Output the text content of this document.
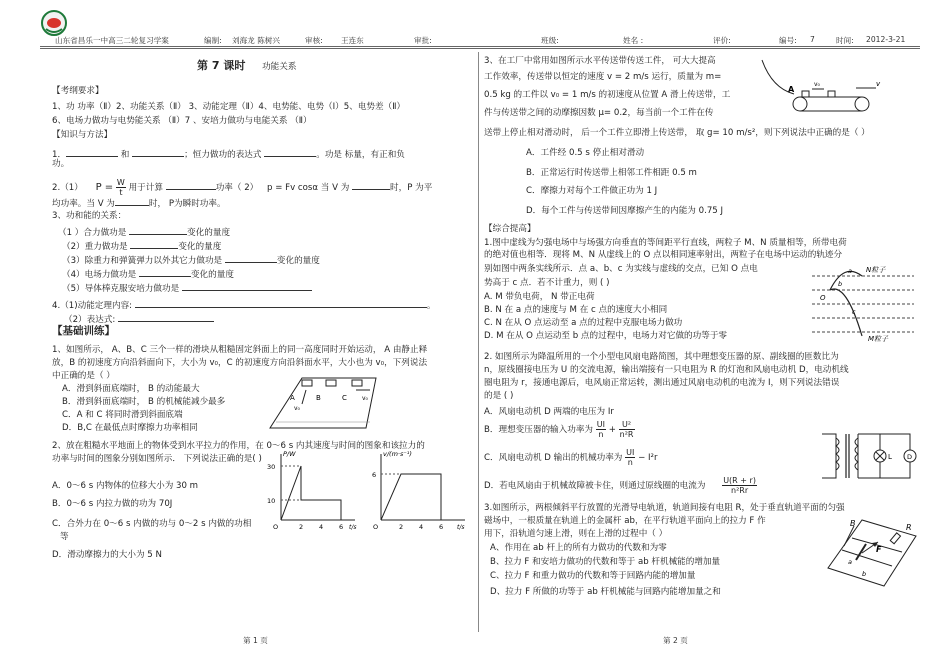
山东省昌乐一中高三二轮复习学案	编制: 刘海龙 陈树兴	审核: 王连东	审批:	班级:	姓名 :	评价:	编号: 7	时间: 2012-3-21
第 7 课时 功能关系
【考纲要求】
1、功 功率（Ⅱ）2、功能关系（Ⅱ） 3、动能定理（Ⅱ）4、电势能、电势（Ⅰ）5、电势差（Ⅱ）
6、电场力做功与电势能关系 （Ⅱ）7 、安培力做功与电能关系 （Ⅱ）
【知识与方法】
1．	和	；恒力做功的表达式	。功是 标量，有正和负
功。
2.（1） $P = \frac{W}{t}$ 用于计算	功率（ 2） p = Fv cosα 当 V 为	时，P 为平
均功率。当 V 为	时， P为瞬时功率。
3、功和能的关系：
（1 ）合力做功是	变化的量度
（2）重力做功是	变化的量度
（3）除重力和弹簧弹力以外其它力做功是	变化的量度
（4）电场力做功是	变化的量度
（5）导体棒克服安培力做功是
4.（1)动能定理内容:	。
（2）表达式:
【基础训练】
1、如图所示， A、B、C 三个一样的滑块从粗糙固定斜面上的同一高度同时开始运动， A 由静止释
放，B 的初速度方向沿斜面向下，大小为 v₀，C 的初速度方向沿斜面水平，大小也为 v₀，下列说法
中正确的是（ ）
A．滑到斜面底端时， B 的动能最大
B．滑到斜面底端时， B 的机械能减少最多
C．A 和 C 将同时滑到斜面底端
D．B,C 在最低点时摩擦力功率相同
2、放在粗糙水平地面上的物体受到水平拉力的作用，在 0～6 s 内其速度与时间的图象和该拉力的
功率与时间的图象分别如图所示． 下列说法正确的是( )
A．0～6 s 内物体的位移大小为 30 m
B．0～6 s 内拉力做的功为 70J
C．合外力在 0～6 s 内做的功与 0～2 s 内做的功相
等
D．滑动摩擦力的大小为 5 N
A	B	C
v₀
v₀
P/W
t/s
30
10
O	2 4 6
v/(m·s⁻¹)
t/s
6
O	2 4 6
3、在工厂中常用如图所示水平传送带传送工件， 可大大提高
工作效率，传送带以恒定的速度 v = 2 m/s 运行，质量为 m=
0.5 kg 的工件以 v₀ = 1 m/s 的初速度从位置 A 滑上传送带，工
件与传送带之间的动摩擦因数 μ= 0.2，每当前一个工件在传
送带上停止相对滑动时， 后一个工件立即滑上传送带， 取 g= 10 m/s²，则下列说法中正确的是（ ）
A．工件经 0.5 s 停止相对滑动
B．正常运行时传送带上相邻工件相距 0.5 m
C．摩擦力对每个工件做正功为 1 J
D．每个工件与传送带间因摩擦产生的内能为 0.75 J
【综合提高】
1.图中虚线为匀强电场中与场强方向垂直的等间距平行直线，两粒子 M、N 质量相等，所带电荷
的绝对值也相等．现将 M、N 从虚线上的 O 点以相同速率射出，两粒子在电场中运动的轨迹分
别如图中两条实线所示．点 a、b、c 为实线与虚线的交点，已知 O 点电
势高于 c 点．若不计重力，则 ( )
A. M 带负电荷， N 带正电荷
B. N 在 a 点的速度与 M 在 c 点的速度大小相同
C. N 在从 O 点运动至 a 点的过程中克服电场力做功
D. M 在从 O 点运动至 b 点的过程中，电场力对它做的功等于零
2. 如图所示为降温所用的一个小型电风扇电路简图，其中理想变压器的原、副线圈的匝数比为
n，原线圈接电压为 U 的交流电源，输出端接有一只电阻为 R 的灯泡和风扇电动机 D，电动机线
圈电阻为 r，接通电源后，电风扇正常运转，测出通过风扇电动机的电流为 I，则下列说法错误
的是 ( )
A．风扇电动机 D 两端的电压为 Ir
B．理想变压器的输入功率为 $\frac{UI}{n} + \frac{\text{U²}}{\text{n²R}}$
C．风扇电动机 D 输出的机械功率为 $\frac{UI}{n} - I^2r$
D．若电风扇由于机械故障被卡住，则通过原线圈的电流为 $\frac{U(R + r)}{\text{n²Rr}}$
3.如图所示，两根倾斜平行放置的光滑导电轨道，轨道间接有电阻 R，处于垂直轨道平面的匀强
磁场中，一根质量在轨道上的金属杆 ab，在平行轨道平面向上的拉力 F 作
用下，沿轨道匀速上滑，则在上滑的过程中（ ）
A、作用在 ab 杆上的所有力做功的代数和为零
B、拉力 F 和安培力做功的代数和等于 ab 杆机械能的增加量
C、拉力 F 和重力做功的代数和等于回路内能的增加量
D、拉力 F 所做的功等于 ab 杆机械能与回路内能增加量之和
A
v₀	v
N粒子
M粒子
O
a
b
c
L D
B	R
F
a
b
第 1 页	第 2 页
